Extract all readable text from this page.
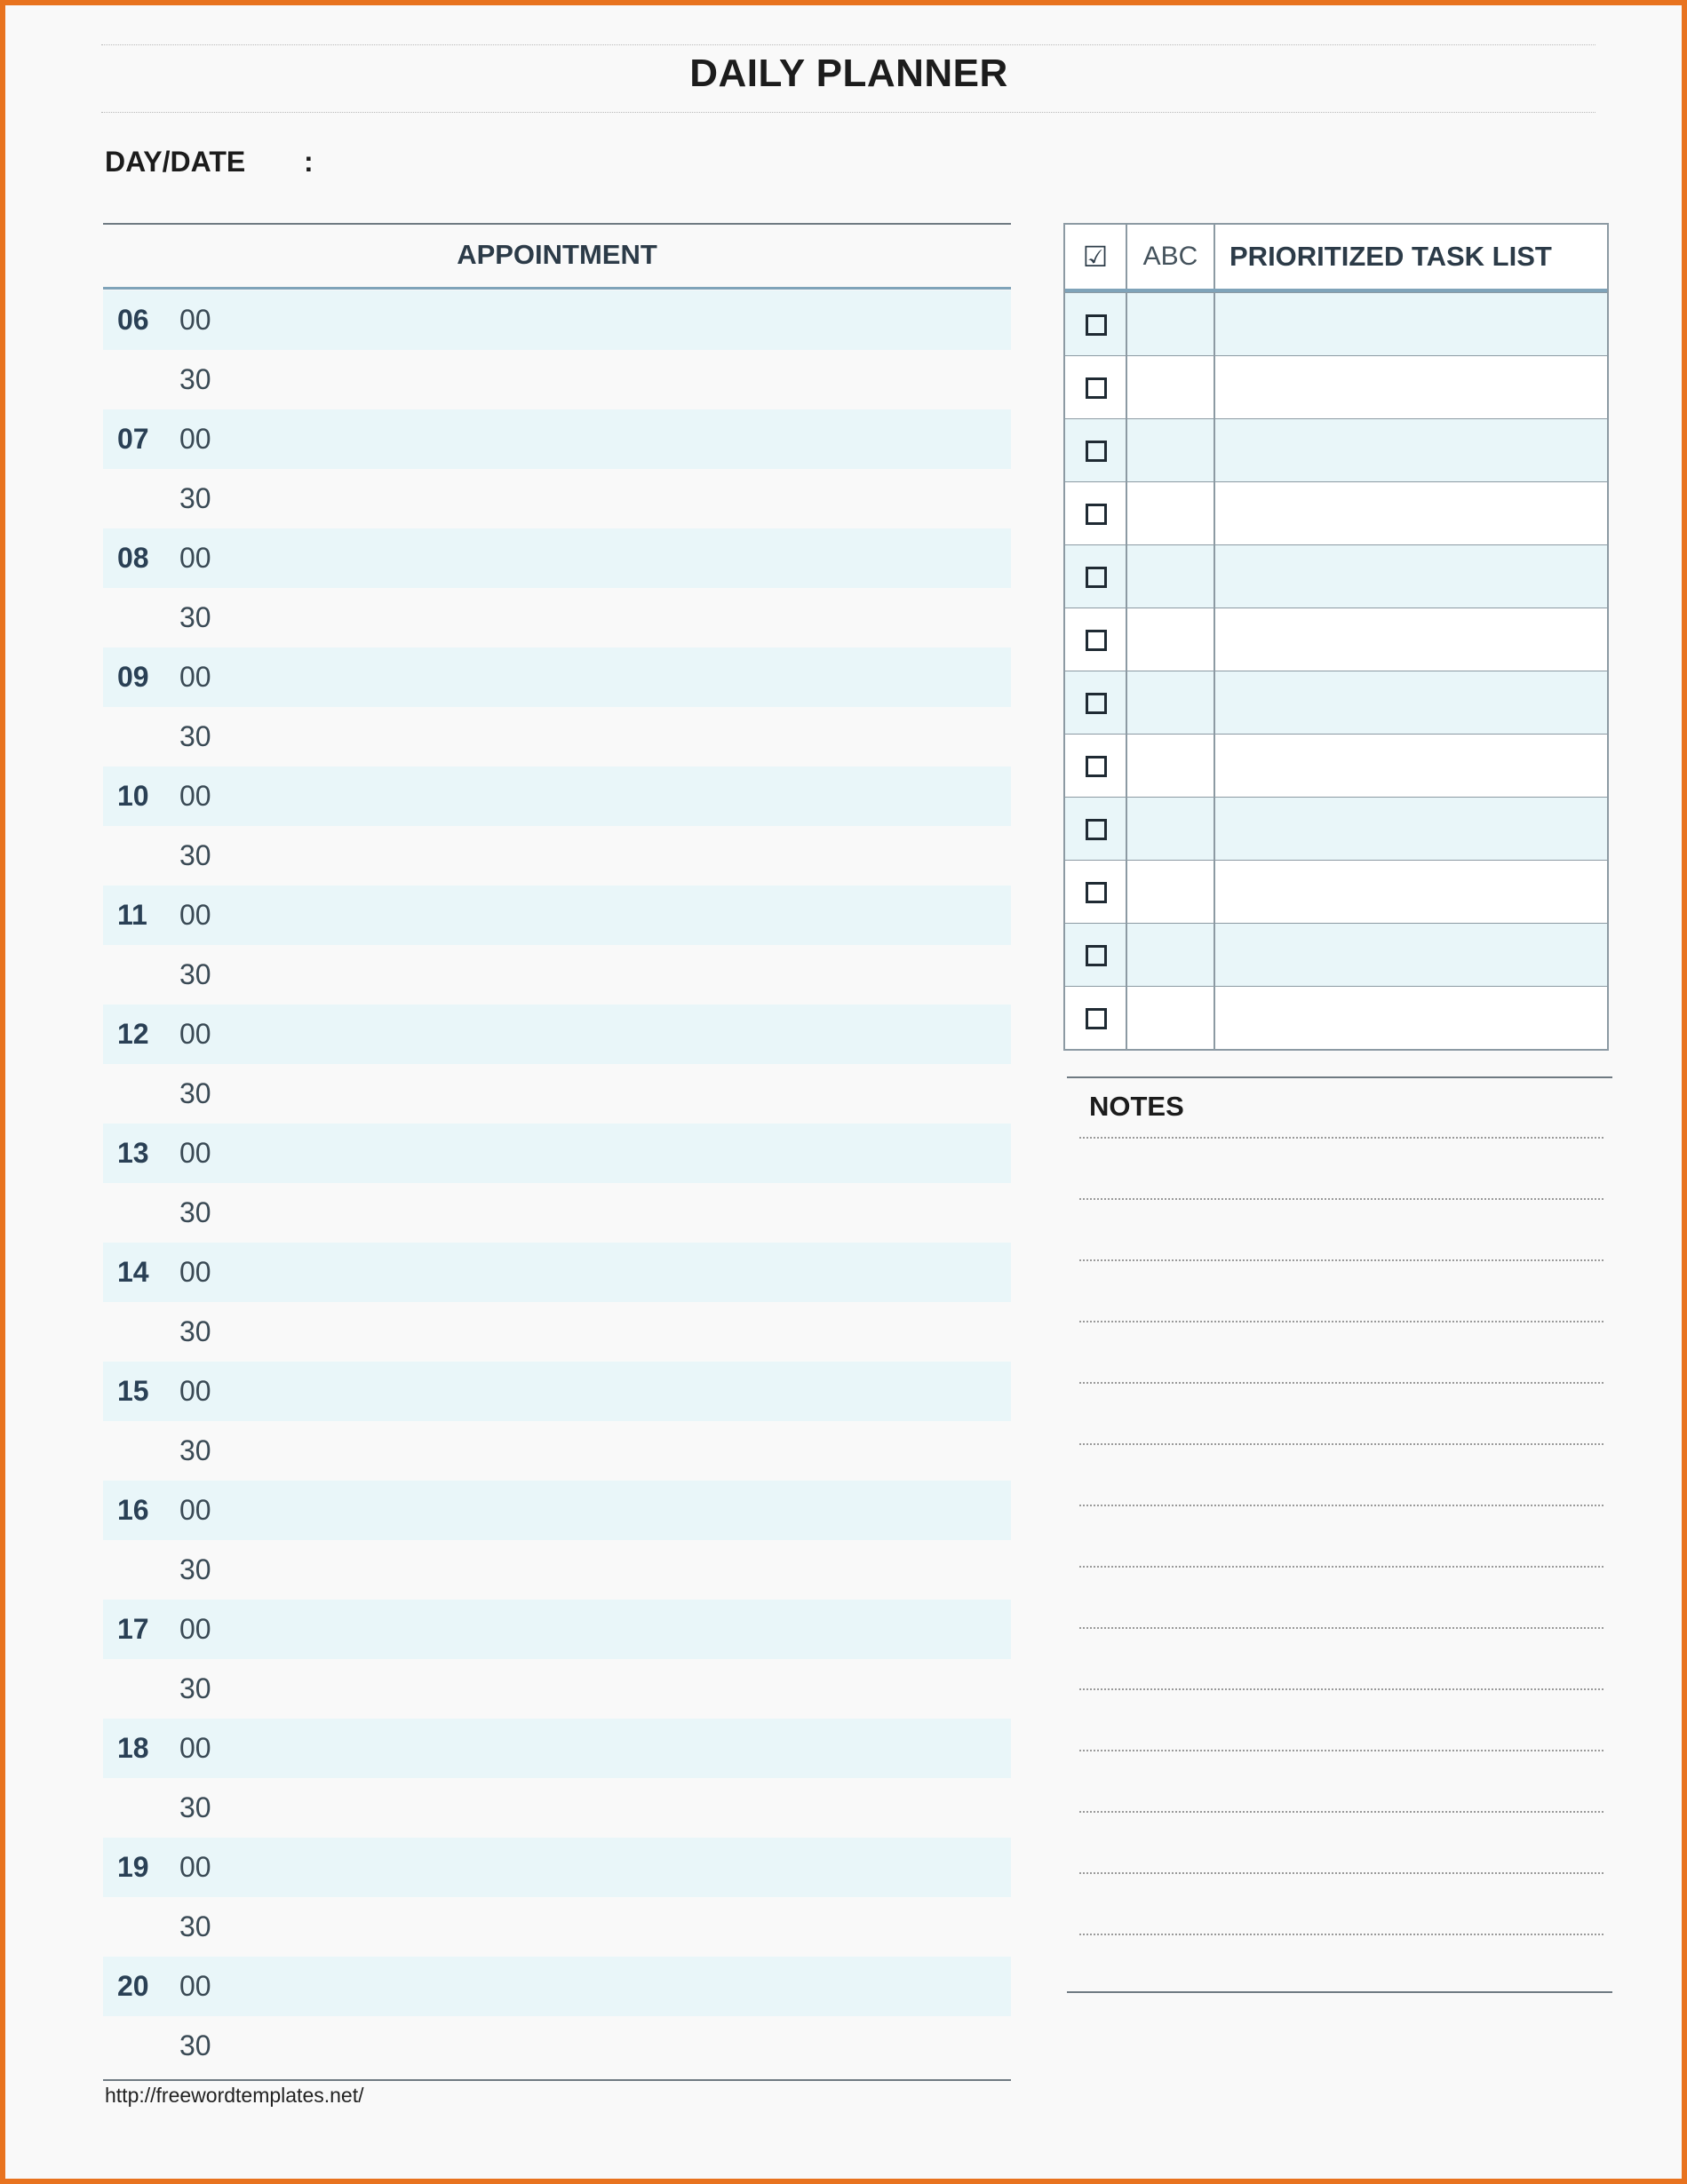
DAILY PLANNER
DAY/DATE :
APPOINTMENT
06 00
30
07 00
30
08 00
30
09 00
30
10 00
30
11 00
30
12 00
30
13 00
30
14 00
30
15 00
30
16 00
30
17 00
30
18 00
30
19 00
30
20 00
30
http://freewordtemplates.net/
☑	ABC	PRIORITIZED TASK LIST
NOTES
